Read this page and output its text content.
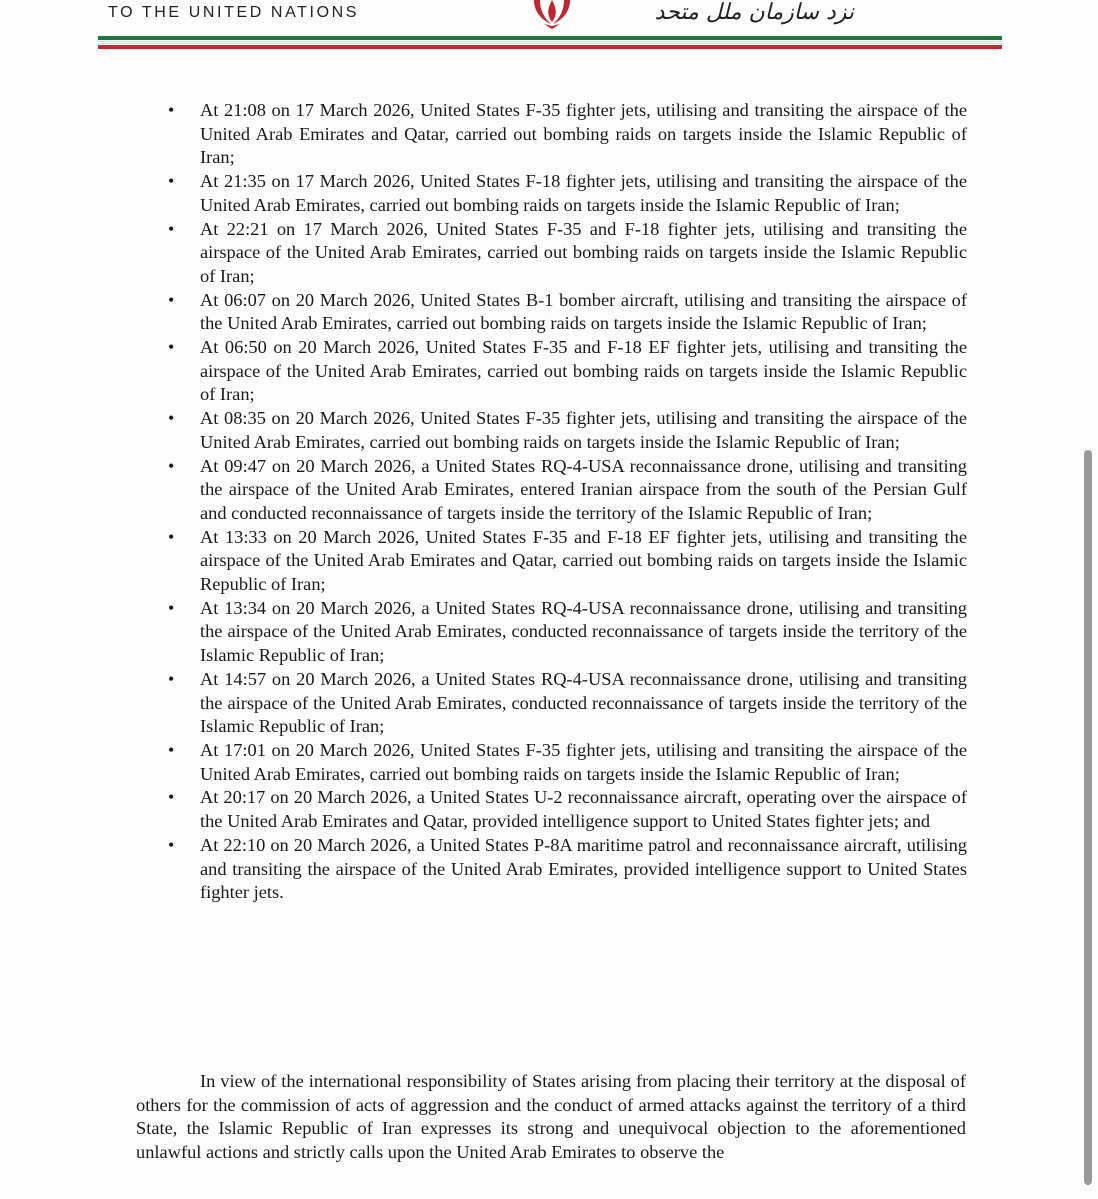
TO THE UNITED NATIONS	نزد سازمان ملل متحد
• At 21:08 on 17 March 2026, United States F-35 fighter jets, utilising and transiting the airspace of the United Arab Emirates and Qatar, carried out bombing raids on targets inside the Islamic Republic of Iran;
• At 21:35 on 17 March 2026, United States F-18 fighter jets, utilising and transiting the airspace of the United Arab Emirates, carried out bombing raids on targets inside the Islamic Republic of Iran;
• At 22:21 on 17 March 2026, United States F-35 and F-18 fighter jets, utilising and transiting the airspace of the United Arab Emirates, carried out bombing raids on targets inside the Islamic Republic of Iran;
• At 06:07 on 20 March 2026, United States B-1 bomber aircraft, utilising and transiting the airspace of the United Arab Emirates, carried out bombing raids on targets inside the Islamic Republic of Iran;
• At 06:50 on 20 March 2026, United States F-35 and F-18 EF fighter jets, utilising and transiting the airspace of the United Arab Emirates, carried out bombing raids on targets inside the Islamic Republic of Iran;
• At 08:35 on 20 March 2026, United States F-35 fighter jets, utilising and transiting the airspace of the United Arab Emirates, carried out bombing raids on targets inside the Islamic Republic of Iran;
• At 09:47 on 20 March 2026, a United States RQ-4-USA reconnaissance drone, utilising and transiting the airspace of the United Arab Emirates, entered Iranian airspace from the south of the Persian Gulf and conducted reconnaissance of targets inside the territory of the Islamic Republic of Iran;
• At 13:33 on 20 March 2026, United States F-35 and F-18 EF fighter jets, utilising and transiting the airspace of the United Arab Emirates and Qatar, carried out bombing raids on targets inside the Islamic Republic of Iran;
• At 13:34 on 20 March 2026, a United States RQ-4-USA reconnaissance drone, utilising and transiting the airspace of the United Arab Emirates, conducted reconnaissance of targets inside the territory of the Islamic Republic of Iran;
• At 14:57 on 20 March 2026, a United States RQ-4-USA reconnaissance drone, utilising and transiting the airspace of the United Arab Emirates, conducted reconnaissance of targets inside the territory of the Islamic Republic of Iran;
• At 17:01 on 20 March 2026, United States F-35 fighter jets, utilising and transiting the airspace of the United Arab Emirates, carried out bombing raids on targets inside the Islamic Republic of Iran;
• At 20:17 on 20 March 2026, a United States U-2 reconnaissance aircraft, operating over the airspace of the United Arab Emirates and Qatar, provided intelligence support to United States fighter jets; and
• At 22:10 on 20 March 2026, a United States P-8A maritime patrol and reconnaissance aircraft, utilising and transiting the airspace of the United Arab Emirates, provided intelligence support to United States fighter jets.

In view of the international responsibility of States arising from placing their territory at the disposal of others for the commission of acts of aggression and the conduct of armed attacks against the territory of a third State, the Islamic Republic of Iran expresses its strong and unequivocal objection to the aforementioned unlawful actions and strictly calls upon the United Arab Emirates to observe the
